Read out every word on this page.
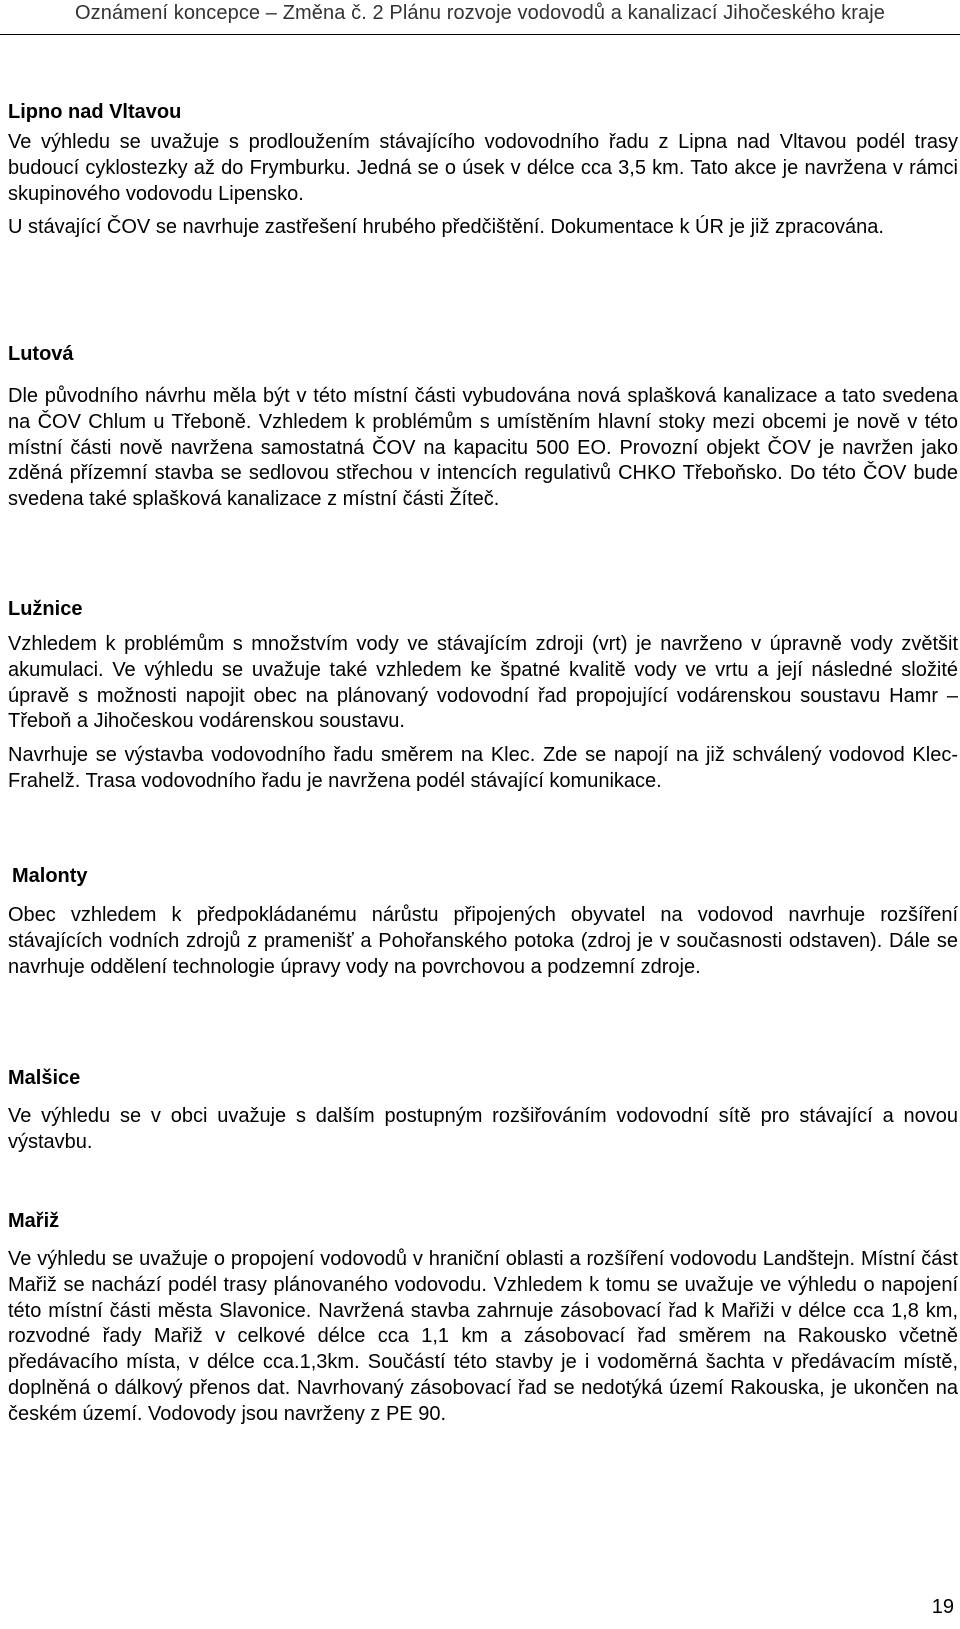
Oznámení koncepce – Změna č. 2 Plánu rozvoje vodovodů a kanalizací Jihočeského kraje
Lipno nad Vltavou

Ve výhledu se uvažuje s prodloužením stávajícího vodovodního řadu z Lipna nad Vltavou podél trasy budoucí cyklostezky až do Frymburku. Jedná se o úsek v délce cca 3,5 km. Tato akce je navržena v rámci skupinového vodovodu Lipensko.

U stávající ČOV se navrhuje zastřešení hrubého předčištění. Dokumentace k ÚR je již zpracována.

Lutová

Dle původního návrhu měla být v této místní části vybudována nová splašková kanalizace a tato svedena na ČOV Chlum u Třeboně. Vzhledem k problémům s umístěním hlavní stoky mezi obcemi je nově v této místní části nově navržena samostatná ČOV na kapacitu 500 EO. Provozní objekt ČOV je navržen jako zděná přízemní stavba se sedlovou střechou v intencích regulativů CHKO Třeboňsko. Do této ČOV bude svedena také splašková kanalizace z místní části Žíteč.

Lužnice

Vzhledem k problémům s množstvím vody ve stávajícím zdroji (vrt) je navrženo v úpravně vody zvětšit akumulaci. Ve výhledu se uvažuje také vzhledem ke špatné kvalitě vody ve vrtu a její následné složité úpravě s možnosti napojit obec na plánovaný vodovodní řad propojující vodárenskou soustavu Hamr – Třeboň a Jihočeskou vodárenskou soustavu.

Navrhuje se výstavba vodovodního řadu směrem na Klec. Zde se napojí na již schválený vodovod Klec-Frahelž. Trasa vodovodního řadu je navržena podél stávající komunikace.

Malonty

Obec vzhledem k předpokládanému nárůstu připojených obyvatel na vodovod navrhuje rozšíření stávajících vodních zdrojů z pramenišť a Pohořanského potoka (zdroj je v současnosti odstaven). Dále se navrhuje oddělení technologie úpravy vody na povrchovou a podzemní zdroje.

Malšice

Ve výhledu se v obci uvažuje s dalším postupným rozšiřováním vodovodní sítě pro stávající a novou výstavbu.

Mařiž

Ve výhledu se uvažuje o propojení vodovodů v hraniční oblasti a rozšíření vodovodu Landštejn. Místní část Mařiž se nachází podél trasy plánovaného vodovodu. Vzhledem k tomu se uvažuje ve výhledu o napojení této místní části města Slavonice. Navržená stavba zahrnuje zásobovací řad k Mařiži v délce cca 1,8 km, rozvodné řady Mařiž v celkové délce cca 1,1 km a zásobovací řad směrem na Rakousko včetně předávacího místa, v délce cca.1,3km. Součástí této stavby je i vodoměrná šachta v předávacím místě, doplněná o dálkový přenos dat. Navrhovaný zásobovací řad se nedotýká území Rakouska, je ukončen na českém území. Vodovody jsou navrženy z PE 90.

19
